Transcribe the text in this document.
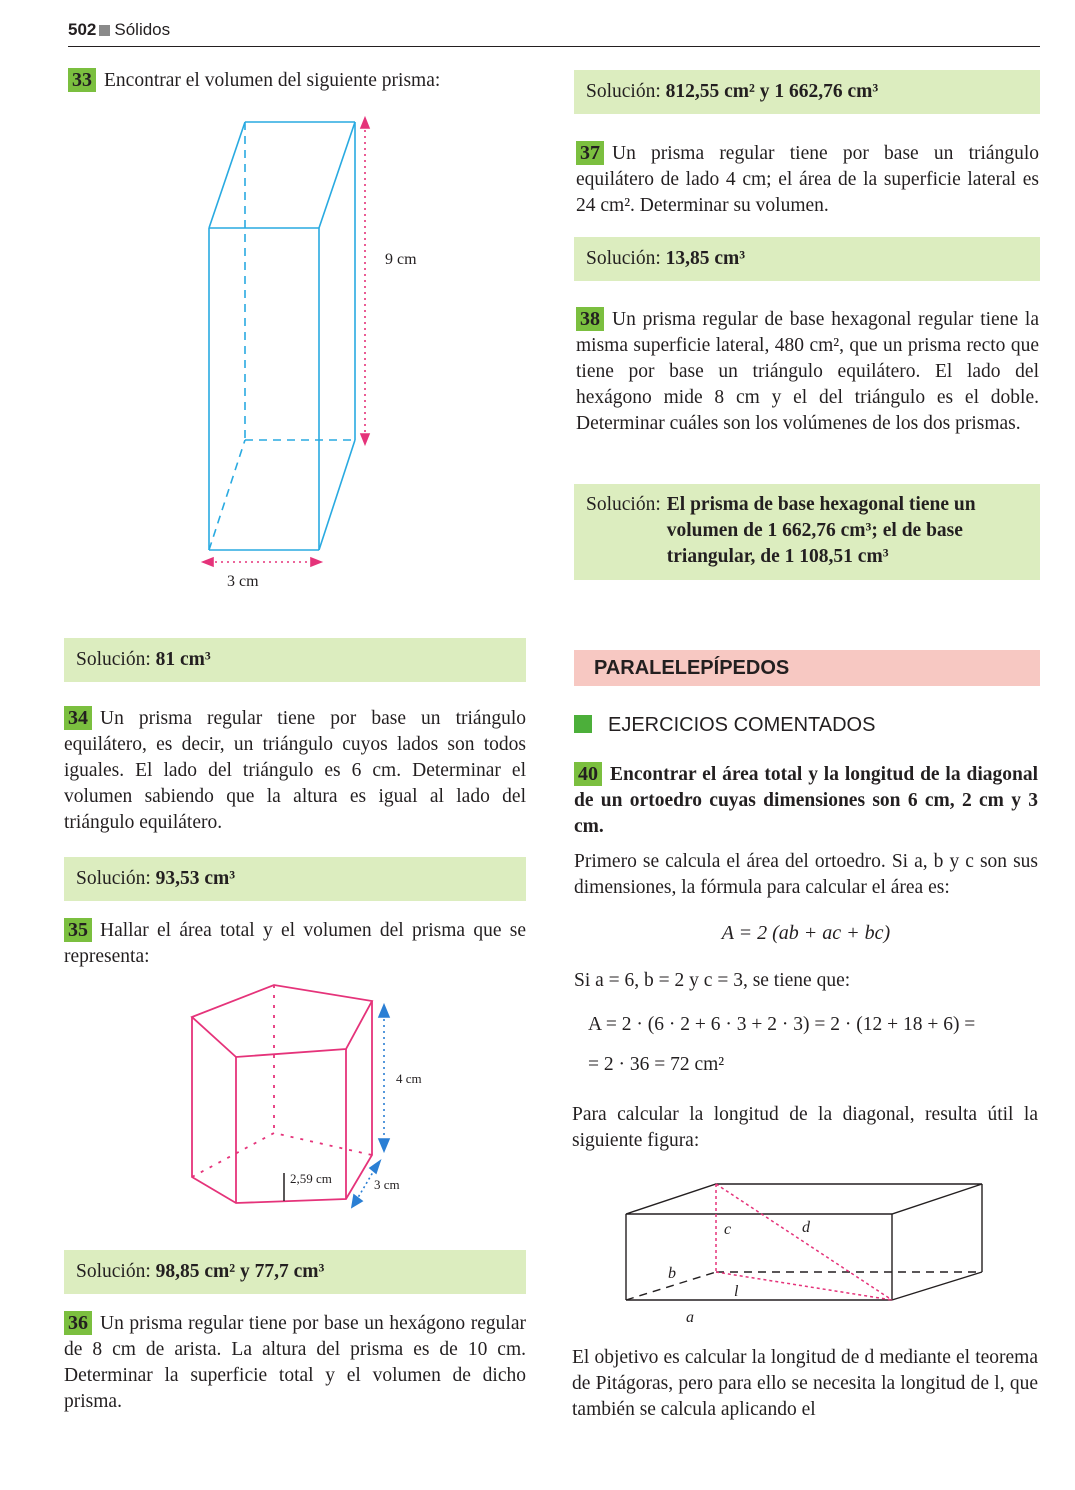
502 Sólidos
33 Encontrar el volumen del siguiente prisma:
9 cm
3 cm
Solución: 81 cm³
34 Un prisma regular tiene por base un triángulo equilátero, es decir, un triángulo cuyos lados son todos iguales. El lado del triángulo es 6 cm. Determinar el volumen sabiendo que la altura es igual al lado del triángulo equilátero.
Solución: 93,53 cm³
35 Hallar el área total y el volumen del prisma que se representa:
2,59 cm
4 cm
3 cm
Solución: 98,85 cm² y 77,7 cm³
36 Un prisma regular tiene por base un hexágono regular de 8 cm de arista. La altura del prisma es de 10 cm. Determinar la superficie total y el volumen de dicho prisma.
Solución: 812,55 cm² y 1 662,76 cm³
37 Un prisma regular tiene por base un triángulo equilátero de lado 4 cm; el área de la superficie lateral es 24 cm². Determinar su volumen.
Solución: 13,85 cm³
38 Un prisma regular de base hexagonal regular tiene la misma superficie lateral, 480 cm², que un prisma recto que tiene por base un triángulo equilátero. El lado del hexágono mide 8 cm y el del triángulo es el doble. Determinar cuáles son los volúmenes de los dos prismas.
Solución: El prisma de base hexagonal tiene un
volumen de 1 662,76 cm³; el de base
triangular, de 1 108,51 cm³
PARALELEPÍPEDOS
EJERCICIOS COMENTADOS
40 Encontrar el área total y la longitud de la diagonal de un ortoedro cuyas dimensiones son 6 cm, 2 cm y 3 cm.
Primero se calcula el área del ortoedro. Si a, b y c son sus dimensiones, la fórmula para calcular el área es:
A = 2 (ab + ac + bc)
Si a = 6, b = 2 y c = 3, se tiene que:
A = 2 · (6 · 2 + 6 · 3 + 2 · 3) = 2 · (12 + 18 + 6) =
= 2 · 36 = 72 cm²
Para calcular la longitud de la diagonal, resulta útil la siguiente figura:
c	d
b
l
a
El objetivo es calcular la longitud de d mediante el teorema de Pitágoras, pero para ello se necesita la longitud de l, que también se calcula aplicando el
